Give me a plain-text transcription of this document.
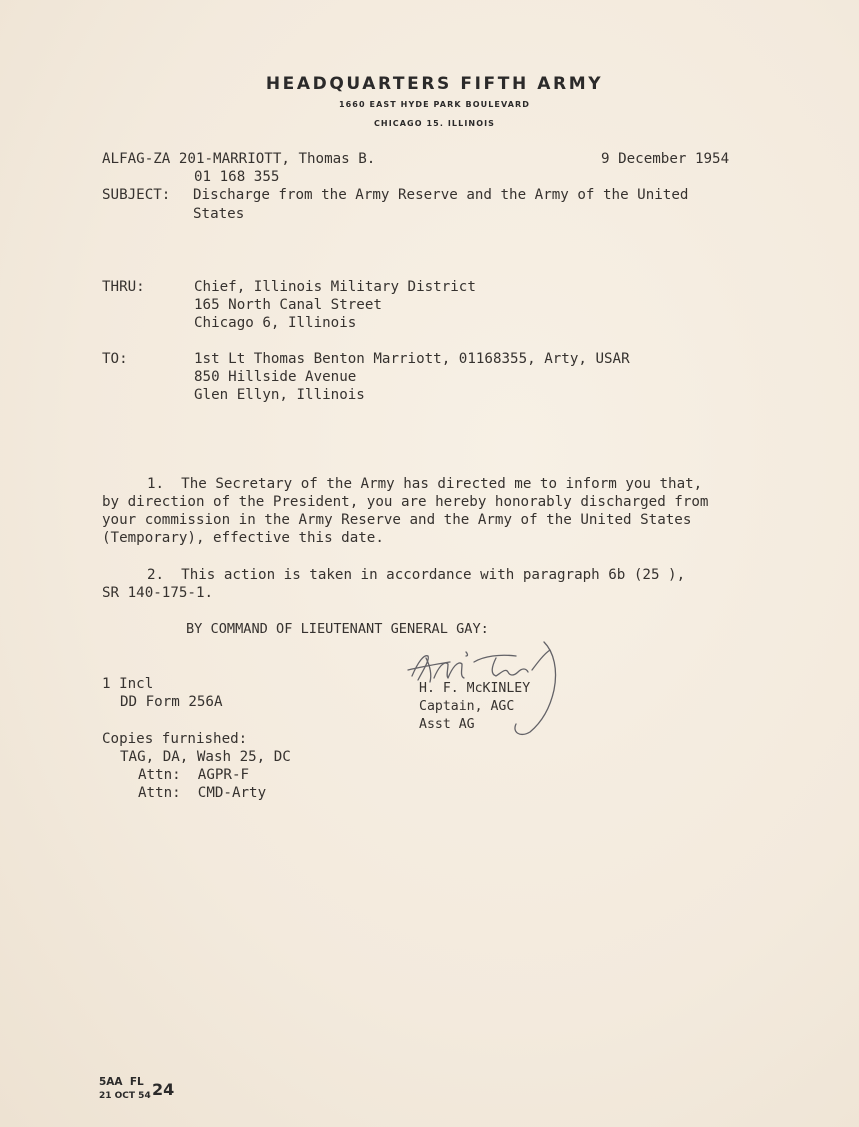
HEADQUARTERS FIFTH ARMY
1660 EAST HYDE PARK BOULEVARD
CHICAGO 15. ILLINOIS
ALFAG-ZA 201-MARRIOTT, Thomas B.	9 December 1954
01 168 355
SUBJECT: Discharge from the Army Reserve and the Army of the United
States
THRU:	Chief, Illinois Military District
165 North Canal Street
Chicago 6, Illinois
TO:	1st Lt Thomas Benton Marriott, 01168355, Arty, USAR
850 Hillside Avenue
Glen Ellyn, Illinois
1.  The Secretary of the Army has directed me to inform you that,
by direction of the President, you are hereby honorably discharged from
your commission in the Army Reserve and the Army of the United States
(Temporary), effective this date.
2.  This action is taken in accordance with paragraph 6b (25 ),
SR 140-175-1.
BY COMMAND OF LIEUTENANT GENERAL GAY:
H. F. McKINLEY
Captain, AGC
Asst AG
1 Incl
DD Form 256A
Copies furnished:
TAG, DA, Wash 25, DC
Attn:  AGPR-F
Attn:  CMD-Arty
5AA  FL 24
21 OCT 54
